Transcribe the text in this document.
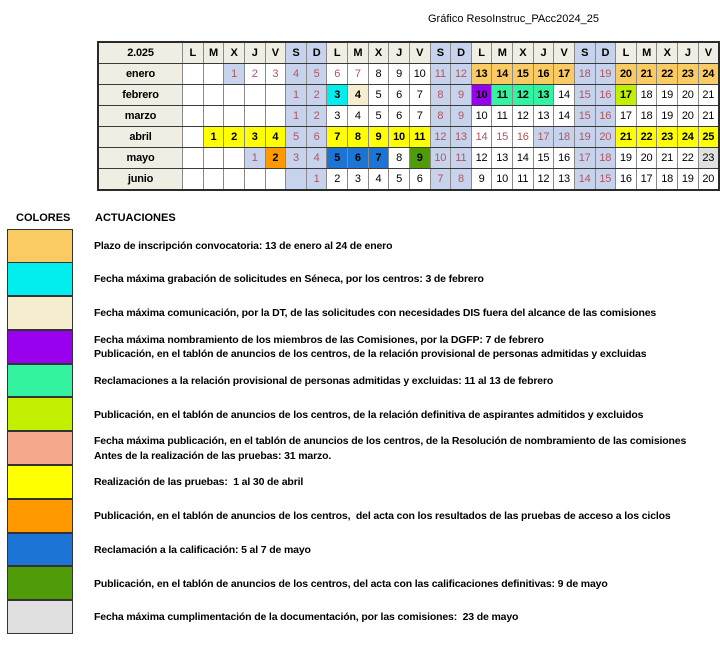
Gráfico ResoInstruc_PAcc2024_25
2.025	L	M	X	J	V	S	D	L	M	X	J	V	S	D	L	M	X	J	V	S	D	L	M	X	J	V
enero			1	2	3	4	5	6	7	8	9	10	11	12	13	14	15	16	17	18	19	20	21	22	23	24
febrero						1	2	3	4	5	6	7	8	9	10	11	12	13	14	15	16	17	18	19	20	21
marzo						1	2	3	4	5	6	7	8	9	10	11	12	13	14	15	16	17	18	19	20	21
abril		1	2	3	4	5	6	7	8	9	10	11	12	13	14	15	16	17	18	19	20	21	22	23	24	25
mayo				1	2	3	4	5	6	7	8	9	10	11	12	13	14	15	16	17	18	19	20	21	22	23
junio							1	2	3	4	5	6	7	8	9	10	11	12	13	14	15	16	17	18	19	20
COLORES ACTUACIONES
Plazo de inscripción convocatoria: 13 de enero al 24 de enero
Fecha máxima grabación de solicitudes en Séneca, por los centros: 3 de febrero
Fecha máxima comunicación, por la DT, de las solicitudes con necesidades DIS fuera del alcance de las comisiones
Fecha máxima nombramiento de los miembros de las Comisiones, por la DGFP: 7 de febrero
Publicación, en el tablón de anuncios de los centros, de la relación provisional de personas admitidas y excluidas
Reclamaciones a la relación provisional de personas admitidas y excluidas: 11 al 13 de febrero
Publicación, en el tablón de anuncios de los centros, de la relación definitiva de aspirantes admitidos y excluidos
Fecha máxima publicación, en el tablón de anuncios de los centros, de la Resolución de nombramiento de las comisiones
Antes de la realización de las pruebas: 31 marzo.
Realización de las pruebas:  1 al 30 de abril
Publicación, en el tablón de anuncios de los centros,  del acta con los resultados de las pruebas de acceso a los ciclos
Reclamación a la calificación: 5 al 7 de mayo
Publicación, en el tablón de anuncios de los centros, del acta con las calificaciones definitivas: 9 de mayo
Fecha máxima cumplimentación de la documentación, por las comisiones:  23 de mayo
